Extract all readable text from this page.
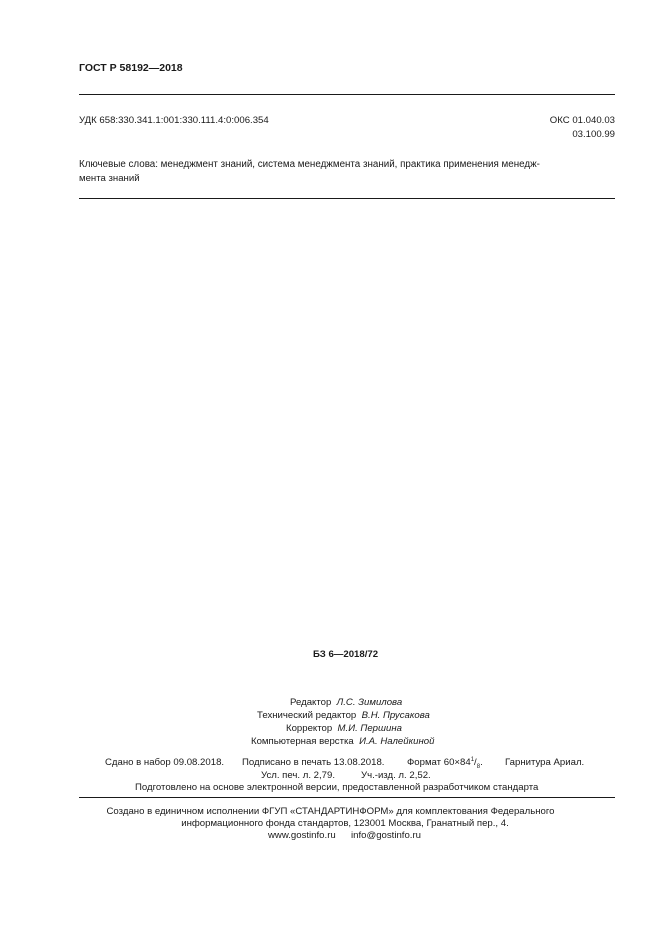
ГОСТ Р 58192—2018
УДК 658:330.341.1:001:330.111.4:0:006.354	ОКС 01.040.03
03.100.99
Ключевые слова: менеджмент знаний, система менеджмента знаний, практика применения менедж-
мента знаний
БЗ 6—2018/72
Редактор Л.С. Зимилова
Технический редактор В.Н. Прусакова
Корректор М.И. Першина
Компьютерная верстка И.А. Налейкиной
Сдано в набор 09.08.2018. Подписано в печать 13.08.2018. Формат $60\times 84^1/_8$. Гарнитура Ариал.
Усл. печ. л. 2,79.	Уч.-изд. л. 2,52.
Подготовлено на основе электронной версии, предоставленной разработчиком стандарта
Создано в единичном исполнении ФГУП «СТАНДАРТИНФОРМ» для комплектования Федерального
информационного фонда стандартов, 123001 Москва, Гранатный пер., 4.
www.gostinfo.ru info@gostinfo.ru
